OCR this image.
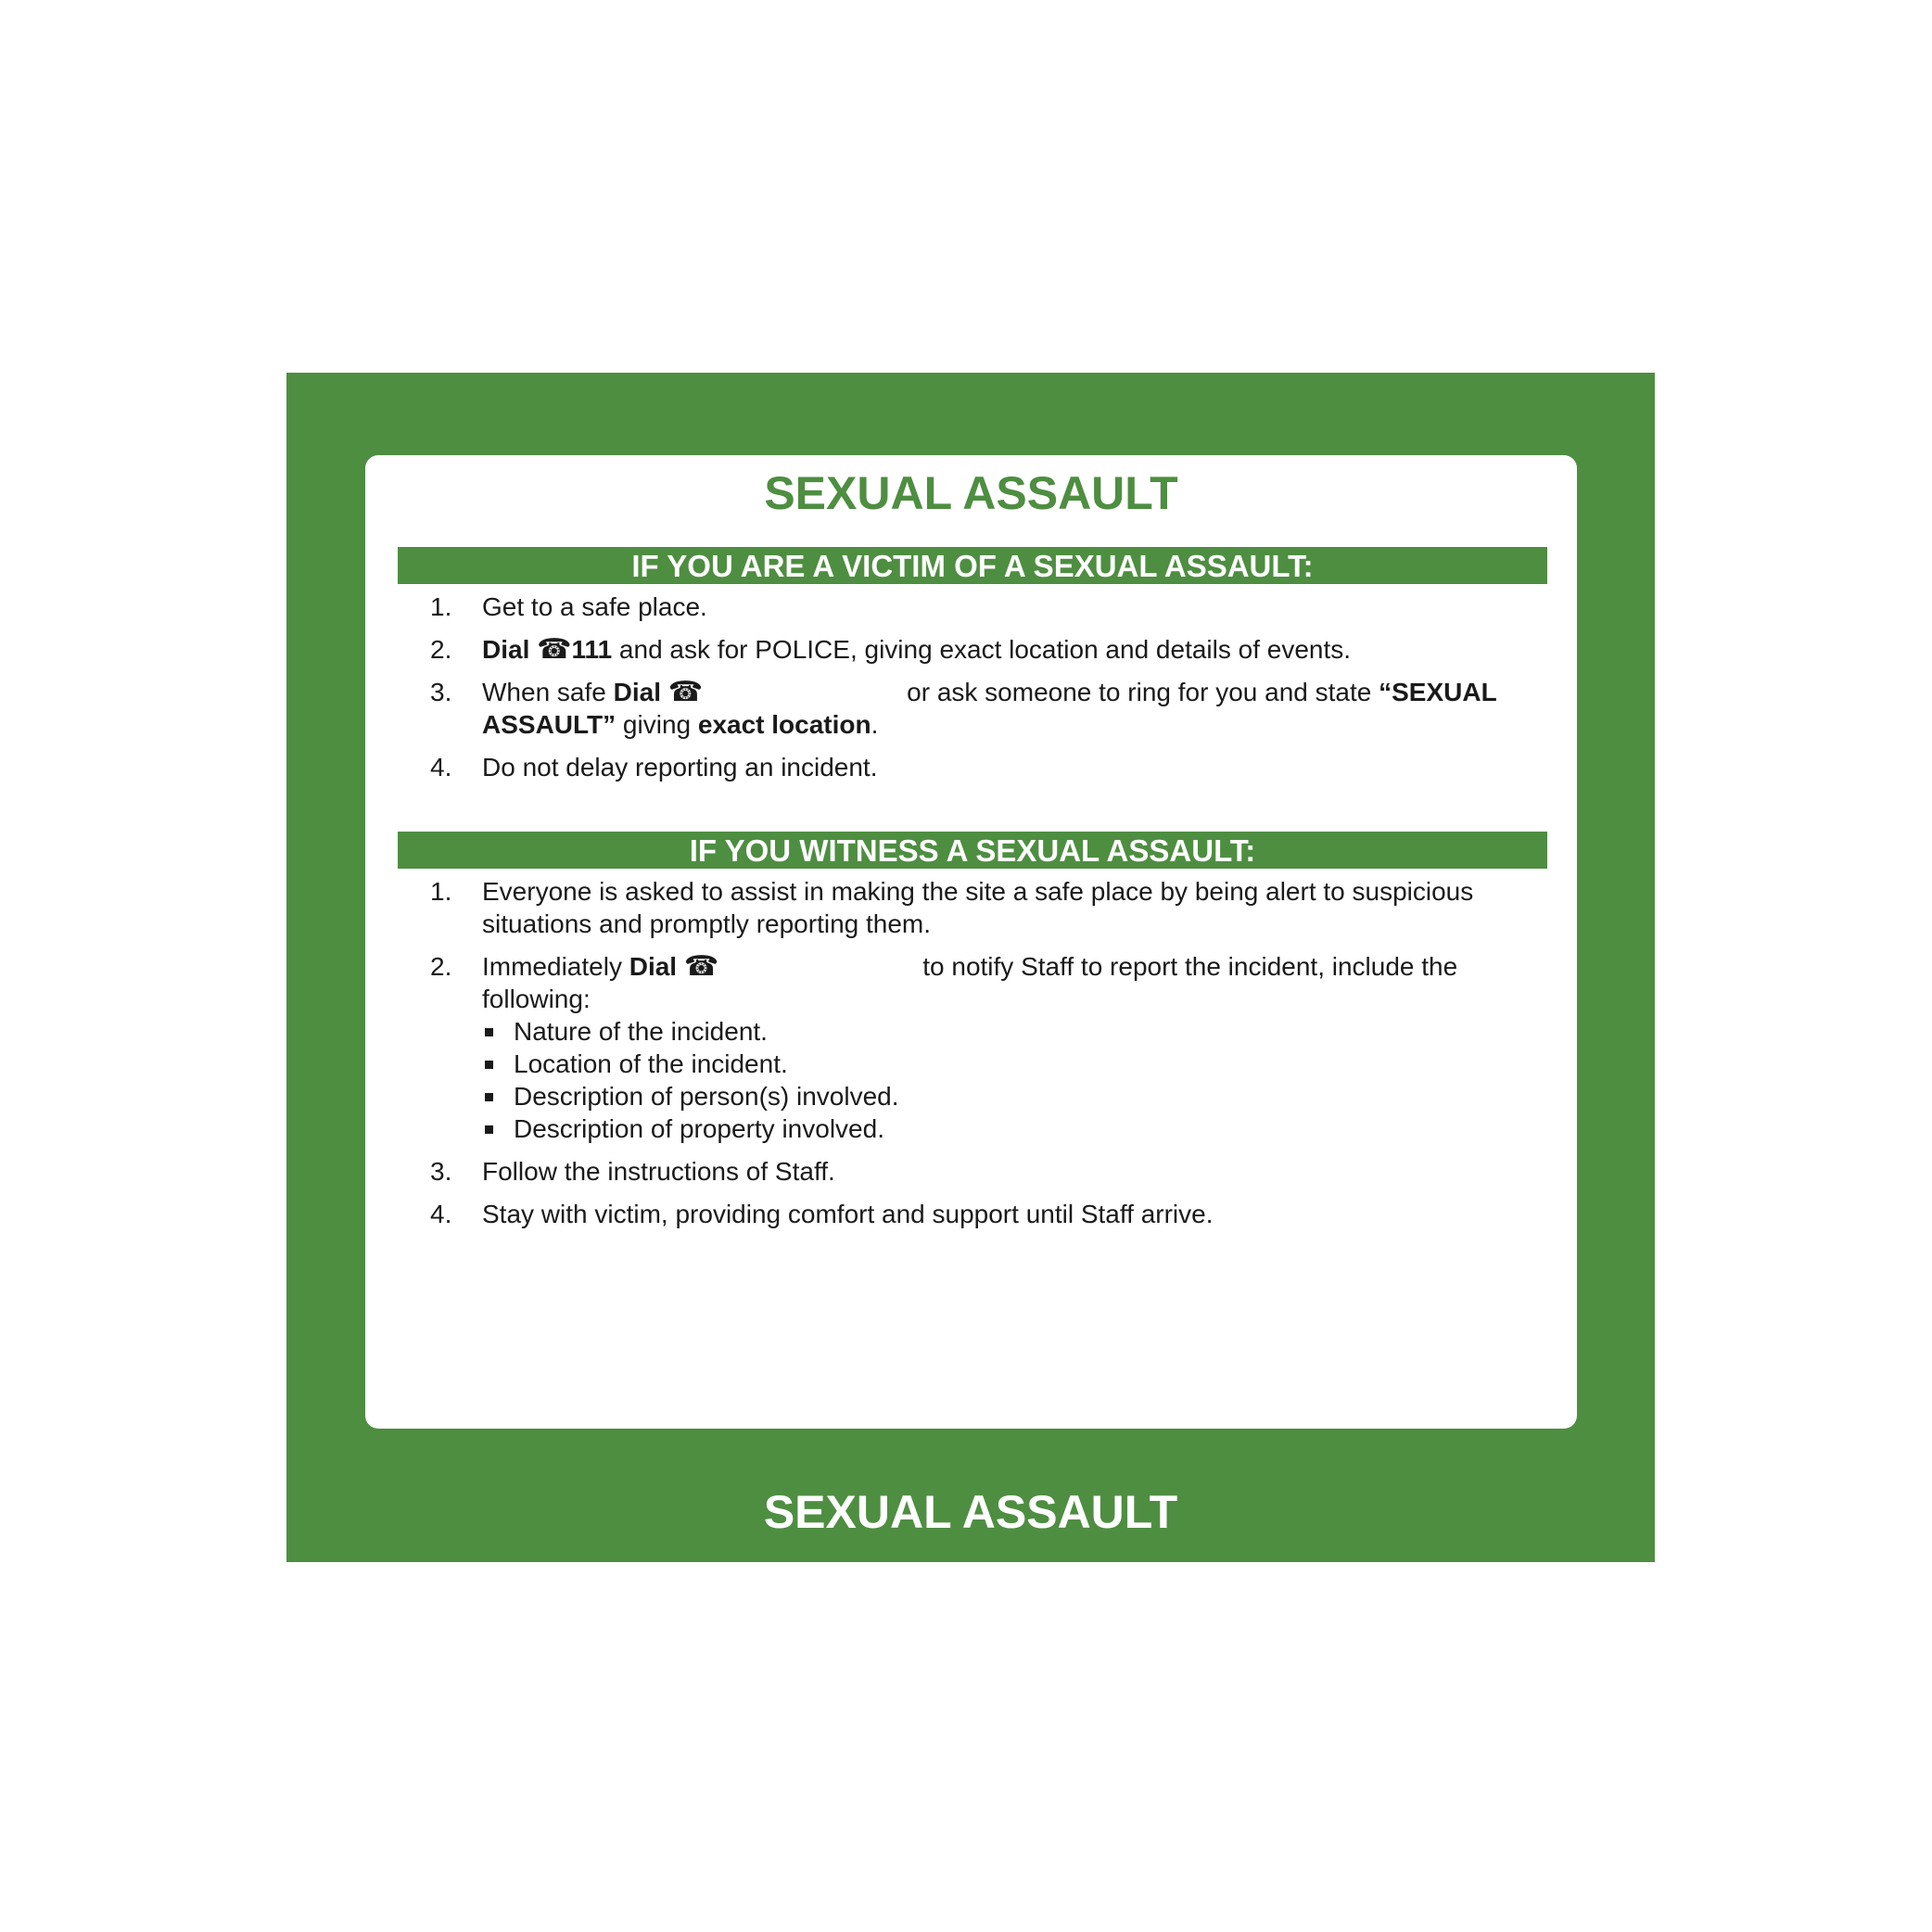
SEXUAL ASSAULT
IF YOU ARE A VICTIM OF A SEXUAL ASSAULT:
1. Get to a safe place.
2. Dial ☎111 and ask for POLICE, giving exact location and details of events.
3. When safe Dial ☎	or ask someone to ring for you and state “SEXUAL ASSAULT” giving exact location.
4. Do not delay reporting an incident.
IF YOU WITNESS A SEXUAL ASSAULT:
1. Everyone is asked to assist in making the site a safe place by being alert to suspicious situations and promptly reporting them.
2. Immediately Dial ☎	to notify Staff to report the incident, include the following:
Nature of the incident.
Location of the incident.
Description of person(s) involved.
Description of property involved.
3. Follow the instructions of Staff.
4. Stay with victim, providing comfort and support until Staff arrive.
SEXUAL ASSAULT
